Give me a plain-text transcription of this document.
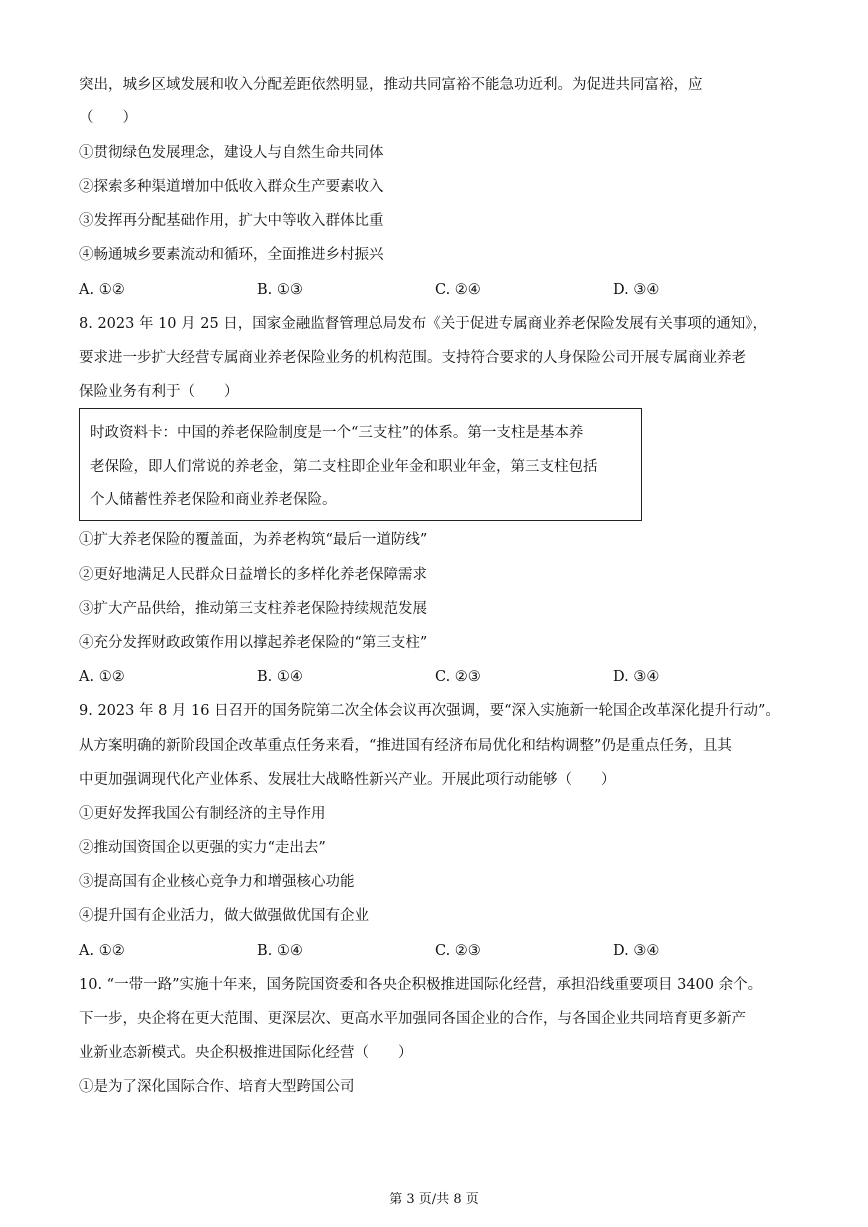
突出，城乡区域发展和收入分配差距依然明显，推动共同富裕不能急功近利。为促进共同富裕，应
（　　）
①贯彻绿色发展理念，建设人与自然生命共同体
②探索多种渠道增加中低收入群众生产要素收入
③发挥再分配基础作用，扩大中等收入群体比重
④畅通城乡要素流动和循环，全面推进乡村振兴
A. ①②	B. ①③	C. ②④	D. ③④
8. 2023 年 10 月 25 日，国家金融监督管理总局发布《关于促进专属商业养老保险发展有关事项的通知》，
要求进一步扩大经营专属商业养老保险业务的机构范围。支持符合要求的人身保险公司开展专属商业养老
保险业务有利于（　　）
时政资料卡：中国的养老保险制度是一个“三支柱”的体系。第一支柱是基本养
老保险，即人们常说的养老金，第二支柱即企业年金和职业年金，第三支柱包括
个人储蓄性养老保险和商业养老保险。
①扩大养老保险的覆盖面，为养老构筑“最后一道防线”
②更好地满足人民群众日益增长的多样化养老保障需求
③扩大产品供给，推动第三支柱养老保险持续规范发展
④充分发挥财政政策作用以撑起养老保险的“第三支柱”
A. ①②	B. ①④	C. ②③	D. ③④
9. 2023 年 8 月 16 日召开的国务院第二次全体会议再次强调，要“深入实施新一轮国企改革深化提升行动”。
从方案明确的新阶段国企改革重点任务来看，“推进国有经济布局优化和结构调整”仍是重点任务，且其
中更加强调现代化产业体系、发展壮大战略性新兴产业。开展此项行动能够（　　）
①更好发挥我国公有制经济的主导作用
②推动国资国企以更强的实力“走出去”
③提高国有企业核心竞争力和增强核心功能
④提升国有企业活力，做大做强做优国有企业
A. ①②	B. ①④	C. ②③	D. ③④
10. “一带一路”实施十年来，国务院国资委和各央企积极推进国际化经营，承担沿线重要项目 3400 余个。
下一步，央企将在更大范围、更深层次、更高水平加强同各国企业的合作，与各国企业共同培育更多新产
业新业态新模式。央企积极推进国际化经营（　　）
①是为了深化国际合作、培育大型跨国公司
第 3 页/共 8 页
